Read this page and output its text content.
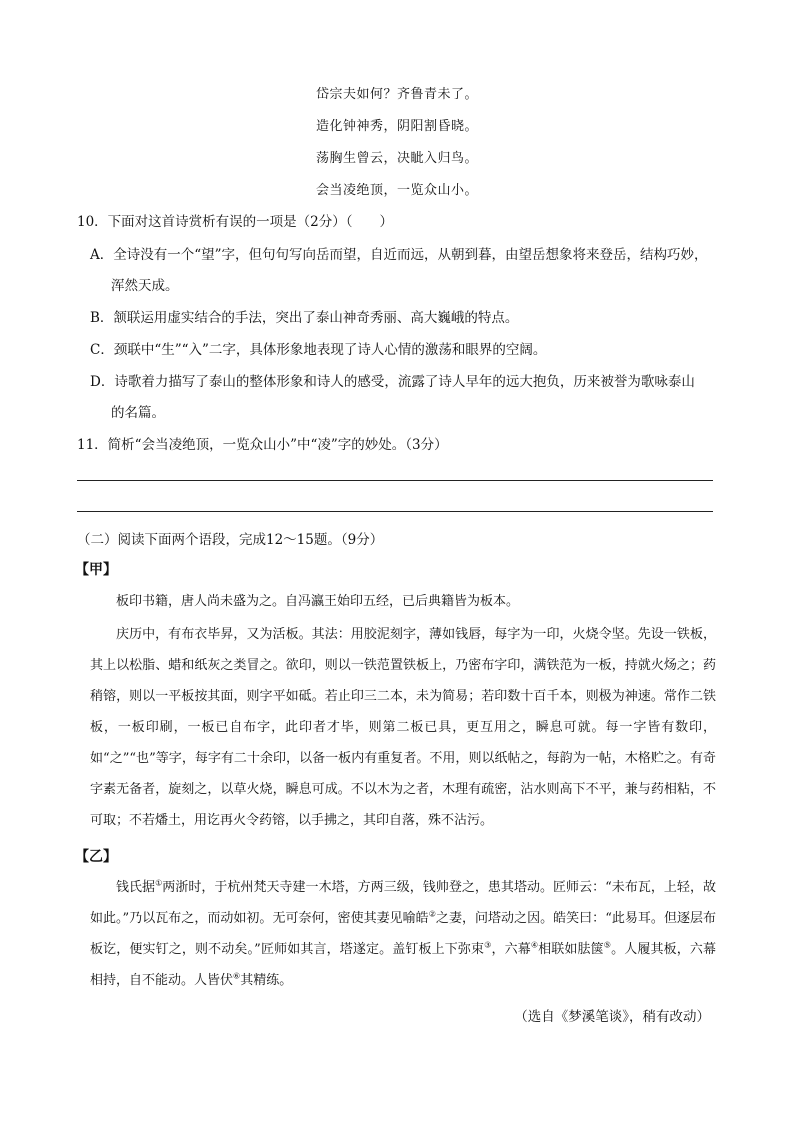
岱宗夫如何？齐鲁青未了。
造化钟神秀，阴阳割昏晓。
荡胸生曾云，决眦入归鸟。
会当凌绝顶，一览众山小。
10．下面对这首诗赏析有误的一项是（2分）（　　）
A．全诗没有一个“望”字，但句句写向岳而望，自近而远，从朝到暮，由望岳想象将来登岳，结构巧妙，
浑然天成。
B．颔联运用虚实结合的手法，突出了泰山神奇秀丽、高大巍峨的特点。
C．颈联中“生”“入”二字，具体形象地表现了诗人心情的激荡和眼界的空阔。
D．诗歌着力描写了泰山的整体形象和诗人的感受，流露了诗人早年的远大抱负，历来被誉为歌咏泰山
的名篇。
11．简析“会当凌绝顶，一览众山小”中“凌”字的妙处。（3分）
（二）阅读下面两个语段，完成12～15题。（9分）
【甲】
板印书籍，唐人尚未盛为之。自冯瀛王始印五经，已后典籍皆为板本。
庆历中，有布衣毕昇，又为活板。其法：用胶泥刻字，薄如钱唇，每字为一印，火烧令坚。先设一铁板，其上以松脂、蜡和纸灰之类冒之。欲印，则以一铁范置铁板上，乃密布字印，满铁范为一板，持就火炀之；药稍镕，则以一平板按其面，则字平如砥。若止印三二本，未为简易；若印数十百千本，则极为神速。常作二铁板，一板印刷，一板已自布字，此印者才毕，则第二板已具，更互用之，瞬息可就。每一字皆有数印，如“之”“也”等字，每字有二十余印，以备一板内有重复者。不用，则以纸帖之，每韵为一帖，木格贮之。有奇字素无备者，旋刻之，以草火烧，瞬息可成。不以木为之者，木理有疏密，沾水则高下不平，兼与药相粘，不可取；不若燔土，用讫再火令药镕，以手拂之，其印自落，殊不沾污。
【乙】
钱氏据①两浙时，于杭州梵天寺建一木塔，方两三级，钱帅登之，患其塔动。匠师云：“未布瓦，上轻，故如此。”乃以瓦布之，而动如初。无可奈何，密使其妻见喻皓②之妻，问塔动之因。皓笑曰：“此易耳。但逐层布板讫，便实钉之，则不动矣。”匠师如其言，塔遂定。盖钉板上下弥束③，六幕④相联如胠箧⑤。人履其板，六幕相持，自不能动。人皆伏⑥其精练。
（选自《梦溪笔谈》，稍有改动）
